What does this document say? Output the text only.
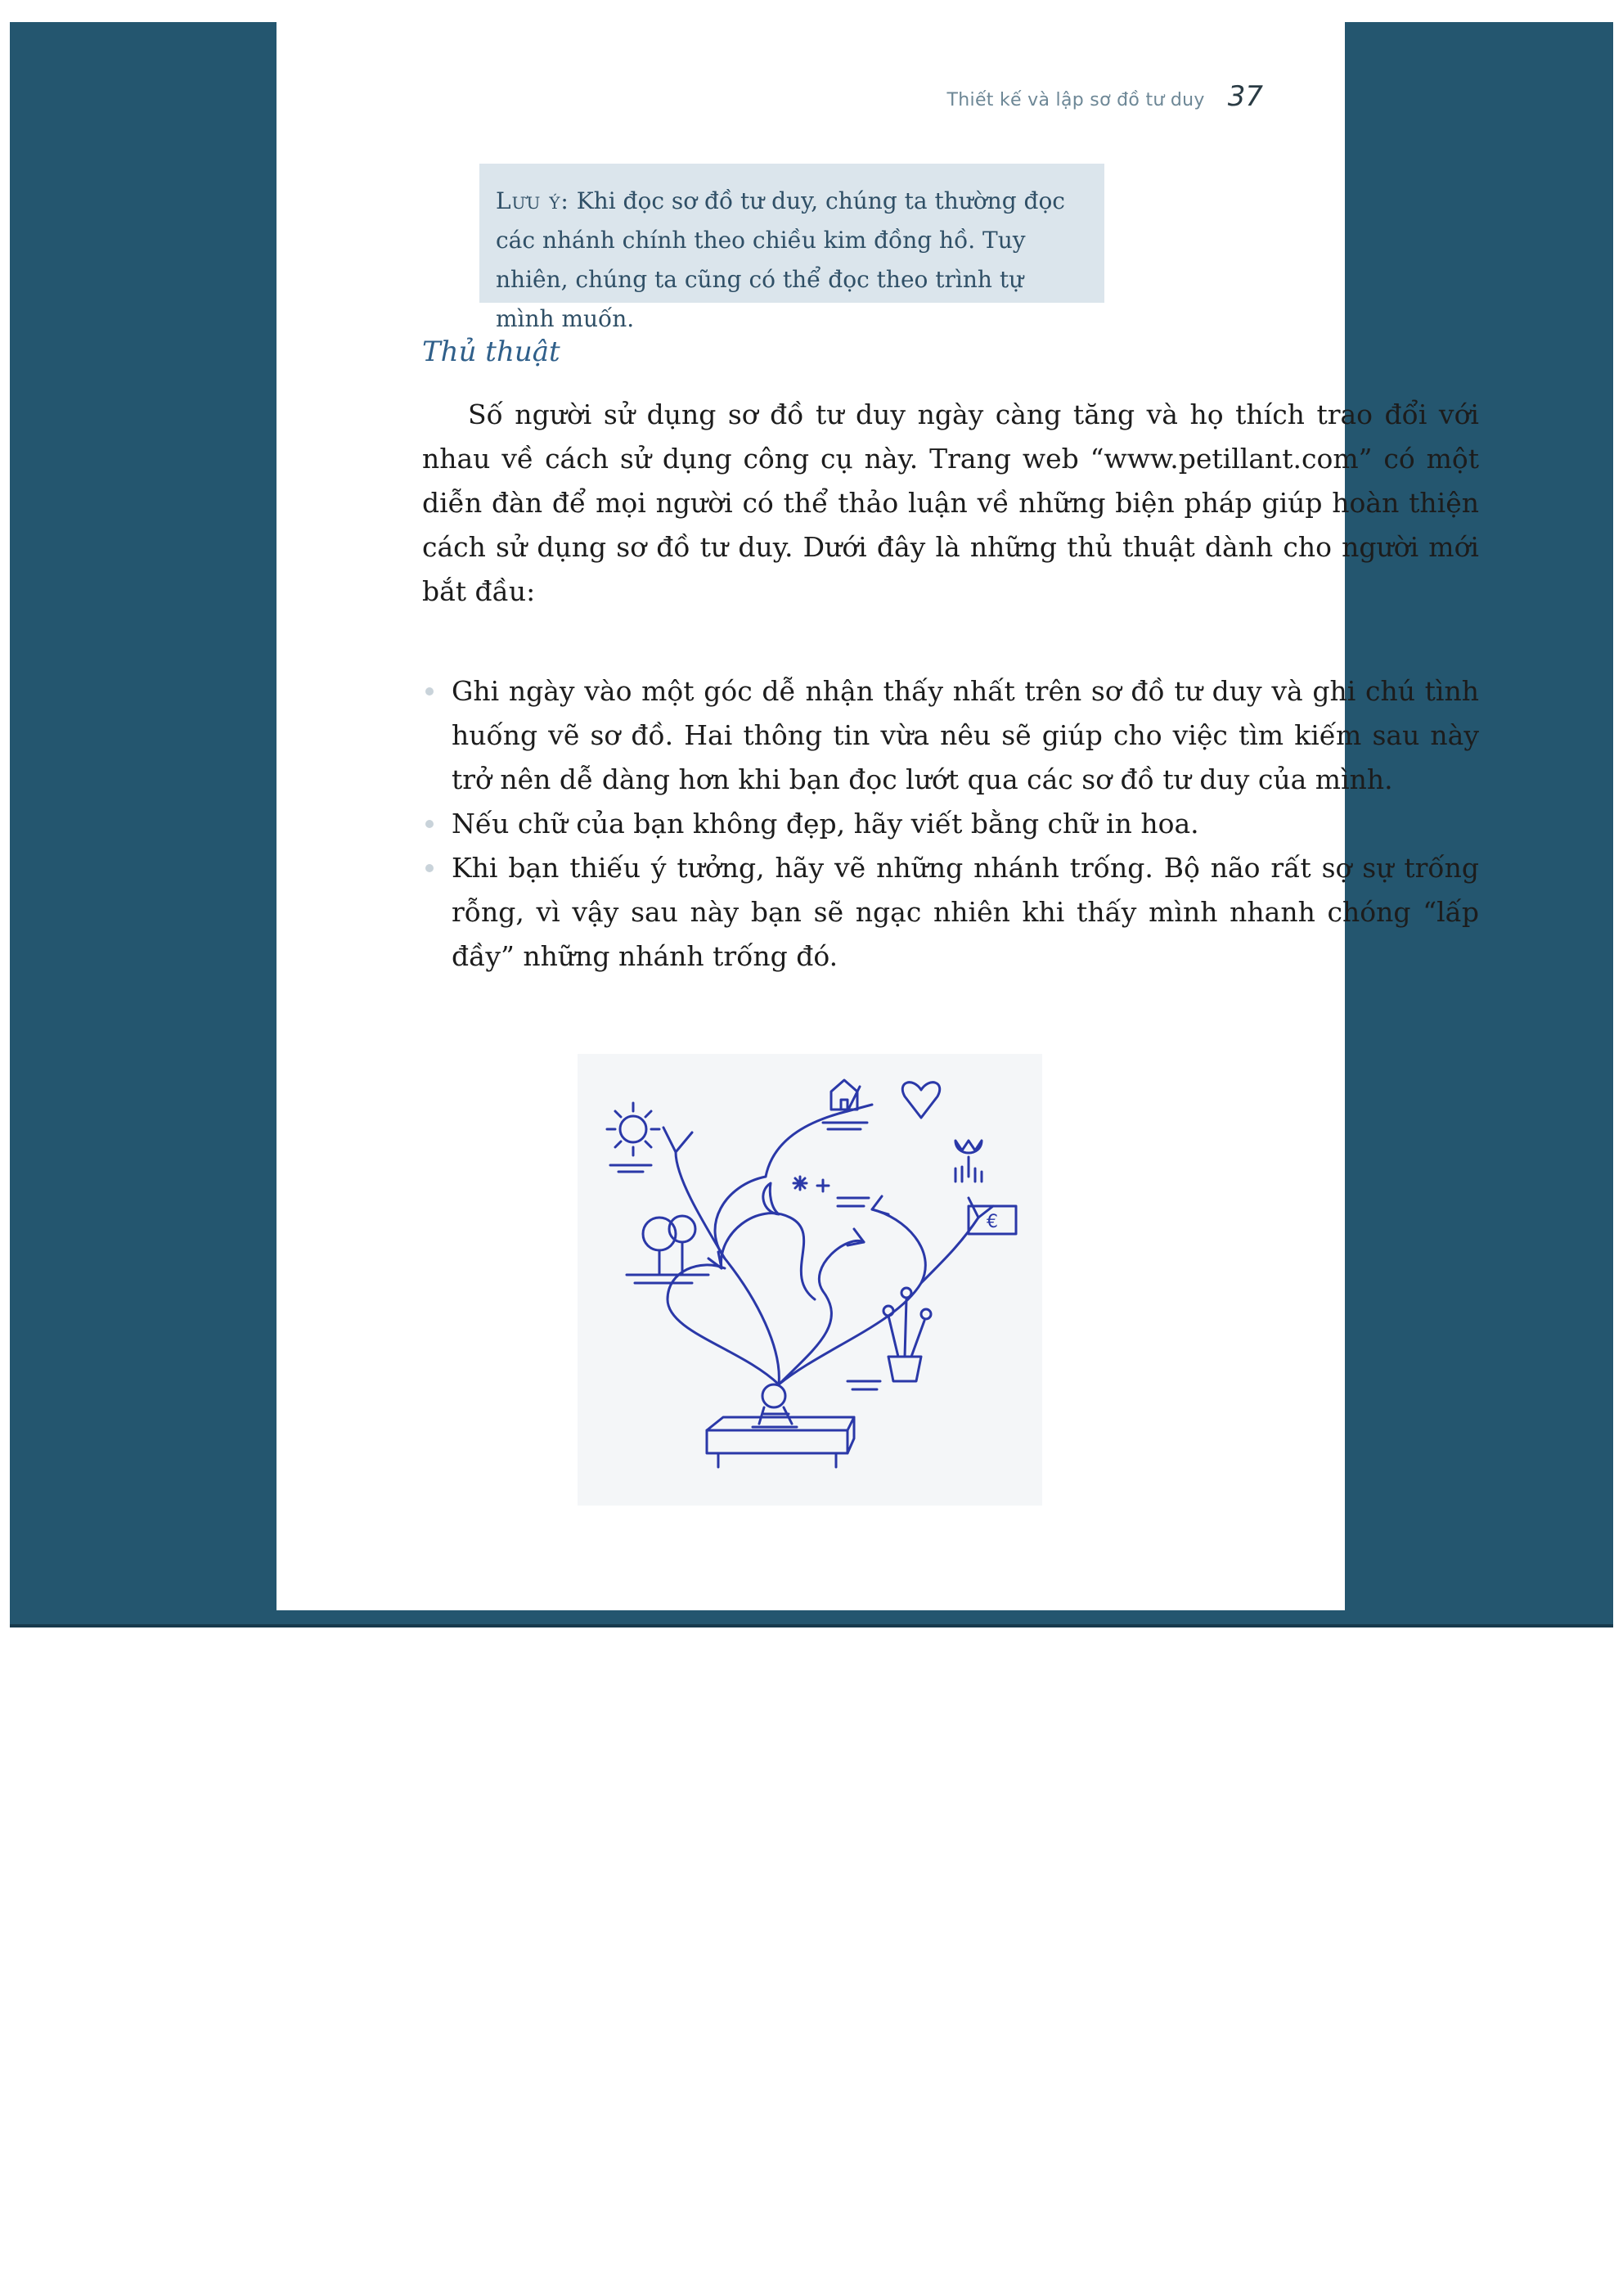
Thiết kế và lập sơ đồ tư duy 37
Lưu ý: Khi đọc sơ đồ tư duy, chúng ta thường đọc các nhánh chính theo chiều kim đồng hồ. Tuy nhiên, chúng ta cũng có thể đọc theo trình tự mình muốn.
Thủ thuật

Số người sử dụng sơ đồ tư duy ngày càng tăng và họ thích trao đổi với nhau về cách sử dụng công cụ này. Trang web “www.petillant.com” có một diễn đàn để mọi người có thể thảo luận về những biện pháp giúp hoàn thiện cách sử dụng sơ đồ tư duy. Dưới đây là những thủ thuật dành cho người mới bắt đầu:

Ghi ngày vào một góc dễ nhận thấy nhất trên sơ đồ tư duy và ghi chú tình huống vẽ sơ đồ. Hai thông tin vừa nêu sẽ giúp cho việc tìm kiếm sau này trở nên dễ dàng hơn khi bạn đọc lướt qua các sơ đồ tư duy của mình.
Nếu chữ của bạn không đẹp, hãy viết bằng chữ in hoa.
Khi bạn thiếu ý tưởng, hãy vẽ những nhánh trống. Bộ não rất sợ sự trống rỗng, vì vậy sau này bạn sẽ ngạc nhiên khi thấy mình nhanh chóng “lấp đầy” những nhánh trống đó.
€
